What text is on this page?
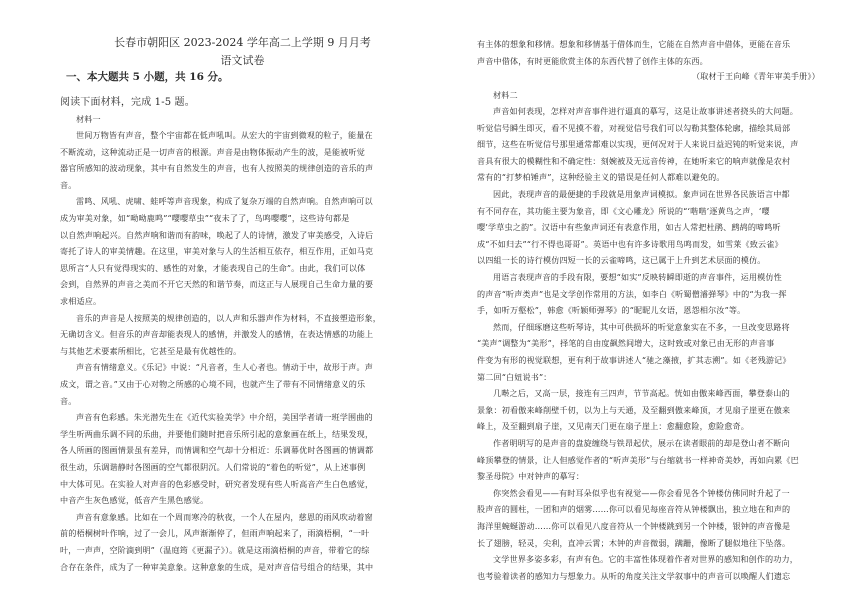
长春市朝阳区 2023-2024 学年高二上学期 9 月月考
语文试卷
一、本大题共 5 小题，共 16 分。
阅读下面材料，完成 1-5 题。
材料一
世间万物皆有声音，整个宇宙都在低声吼叫。从宏大的宇宙到微观的粒子，能量在
不断流动，这种流动正是一切声音的根源。声音是由物体振动产生的波，是能被听觉
器官所感知的波动现象，其中有自然发生的声音，也有人按照美的规律创造的音乐的声
音。
雷鸣、风吼、虎啸、蛙呼等声音现象，构成了复杂万端的自然声响。自然声响可以
成为审美对象，如“呦呦鹿鸣”“嘤嘤草虫”“夜未了了，鸟鸣嘤嘤”，这些诗句都是
以自然声响起兴。自然声响和谐而有韵味，唤起了人的诗情，激发了审美感受，入诗后
寄托了诗人的审美情趣。在这里，审美对象与人的生活相互依存，相互作用，正如马克
思所言“人只有觉得现实的、感性的对象，才能表现自己的生命”。由此，我们可以体
会到，自然界的声音之美而不开它天然的和谐节奏，而这正与人展现自己生命力量的要
求相适应。
音乐的声音是人按照美的规律创造的，以人声和乐器声作为材料，不直接塑造形象，
无确切含义。但音乐的声音却能表现人的感情，并激发人的感情，在表达情感的功能上
与其他艺术要素所相比，它甚至是最有优越性的。
声音有情绪意义。《乐记》中说：“凡音者，生人心者也。情动于中，故形于声。声
成文，谓之音。”又由于心对物之所感的心境不同，也就产生了带有不同情绪意义的乐
音。
声音有色彩感。朱光潜先生在《近代实验美学》中介绍，美国学者请一班学围曲的
学生听两曲乐调不同的乐曲，并要他们随时把音乐所引起的意象画在纸上，结果发现，
各人所画的图画情景虽有差异，而情调和空气却十分相近：乐调幕优时各图画的情调都
很生动，乐调谐静时各图画的空气都很阴沉。人们常说的“着色的听觉”，从上述事例
中大体可见。在实验人对声音的色彩感受时，研究者发现有些人听高音产生白色感觉，
中音产生灰色感觉，低音产生黑色感觉。
声音有意象感。比如在一个周而寒冷的秋夜，一个人在屋内，慈恩的雨风吹动着窗
前的梧桐树叶作响，过了一会儿，风声渐渐停了，但雨声响起来了，雨滴梧桐，“一叶
叶，一声声，空阶滴到明”（温庭筠《更漏子》）。就是这雨滴梧桐的声音，带着它的综
合存在条件，成为了一种审美意象。这种意象的生成，是对声音信号组合的结果，其中
有主体的想象和移情。想象和移情基于借体而生，它能在自然声音中借体，更能在音乐
声音中借体，有时更能欣赏主体的东西代替了创作主体的东西。
（取材于王向峰《青年审美手册》）
材料二
声音如何表现，怎样对声音事件进行逼真的摹写，这是让故事讲述者挠头的大问题。
听觉信号瞬生即灭，看不见摸不着，对视觉信号我们可以勾勒其整体轮廓，描绘其局部
细节，这些在听觉信号那里通常都难以实现，更何况对于人来说日益迟钝的听觉来说，声
音具有很大的模糊性和不确定性：刻婉被及无远音传神，在她听来它的响声就像是农村
常有的“打梦柏锤声”，这种经验主义的错误是任何人都难以避免的。
因此，表现声音的最便捷的手段就是用象声词模拟。象声词在世界各民族语言中都
有不同存在，其功能主要为象音，即《文心雕龙》所说的“‘喈喈’逐黄鸟之声，‘嘤
嘤’学草虫之韵”。汉语中有些象声词还有表意作用，如古人常把杜鹃、鹧鸪的啼鸣听
成“不如归去”“行不得也哥哥”。英语中也有许多诗歌用鸟鸣而发，如雪莱《致云雀》
以四組一长的诗行模仿四短一长的云雀啼鸣，这已属于上升到艺术层面的模仿。
用语言表现声音的手段有限，要想“如实”反映转瞬即逝的声音事件，运用模仿性
的声音“听声类声”也是文学创作常用的方法，如李白《听蜀僧濬弹琴》中的“为我一挥
手，如听万壑松”，韩愈《听颖师弹琴》的“昵昵儿女语，恩怨相尔汝”等。
然而，仔细琢磨这些听琴诗，其中可供损坏的听觉意象实在不多，一旦改变思路将
“美声”调整为“美形”，择笔的自由度飙然间增大，这时致或对象已由无形的声音事
件变为有形的视觉联想，更有利于故事讲述人“驰之藻掖，扩其志溯”。如《老残游记》
第二回“白妞说书”：
几啭之后，又高一层，接连有三四声，节节高起。恍如由傲来峰西面，攀登泰山的
景象：初看傲来峰削壁千仞，以为上与天通，及至翻到傲来峰顶，才见扇子崖更在傲来
峰上，及至翻到扇子崖，又见南天门更在扇子崖上：愈翻愈险，愈险愈奇。
作者明明写的是声音的盘旋缠绕与铁昂起伏，展示在读者眼前的却是登山者不断向
峰顶攀登的情景，让人但感觉作者的“听声美形”与台缩就书一样神奇美妙，再如向累《巴
黎圣母院》中对钟声的摹写：
你突然会看见——有时耳朵似乎也有视觉——你会看见各个钟楼仿佛同时升起了一
股声音的圆柱，一团和声的烟雾……你可以看见每座音符从钟楼飘出，独立地在和声的
海洋里蜿蜒游动……你可以看见八度音符从一个钟楼跳到另一个钟楼，银钟的声音像是
长了翅膀，轻灵，尖利，直冲云霄；木钟的声音微弱，蹒跚，像断了腿似地往下坠落。
文学世界多姿多彩，有声有色。它的丰富性体现着作者对世界的感知和创作的功力，
也考验着读者的感知力与想象力。从听的角度关注文学叙事中的声音可以唤醒人们遗忘
